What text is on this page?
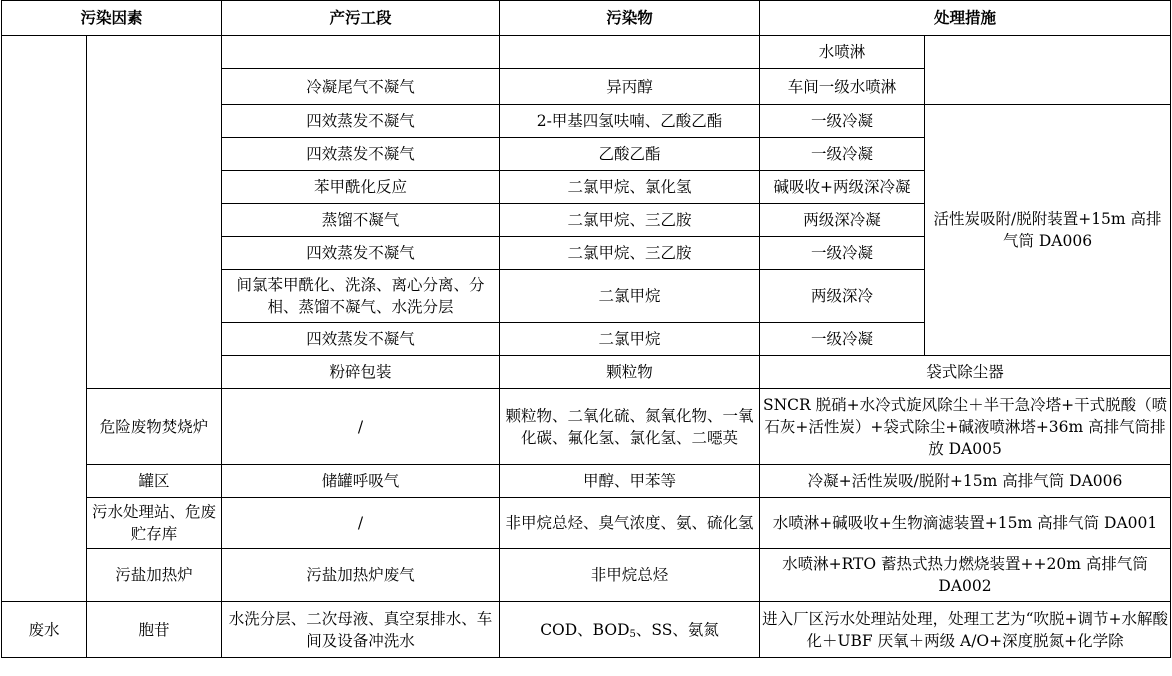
污染因素		产污工段	污染物	处理措施	
				水喷淋	
		冷凝尾气不凝气	异丙醇	车间一级水喷淋	
		四效蒸发不凝气	2-甲基四氢呋喃、乙酸乙酯	一级冷凝	活性炭吸附/脱附装置+15m 高排气筒 DA006
		四效蒸发不凝气	乙酸乙酯	一级冷凝	
		苯甲酰化反应	二氯甲烷、氯化氢	碱吸收+两级深冷凝	
		蒸馏不凝气	二氯甲烷、三乙胺	两级深冷凝	
		四效蒸发不凝气	二氯甲烷、三乙胺	一级冷凝	
		间氯苯甲酰化、洗涤、离心分离、分相、蒸馏不凝气、水洗分层	二氯甲烷	两级深冷	
		四效蒸发不凝气	二氯甲烷	一级冷凝	
		粉碎包装	颗粒物	袋式除尘器	
	危险废物焚烧炉	/	颗粒物、二氧化硫、氮氧化物、一氧化碳、氟化氢、氯化氢、二噁英	SNCR 脱硝+水冷式旋风除尘＋半干急冷塔+干式脱酸（喷石灰+活性炭）+袋式除尘+碱液喷淋塔+36m 高排气筒排放 DA005	
	罐区	储罐呼吸气	甲醇、甲苯等	冷凝+活性炭吸/脱附+15m 高排气筒 DA006	
	污水处理站、危废贮存库	/	非甲烷总烃、臭气浓度、氨、硫化氢	水喷淋+碱吸收+生物滴滤装置+15m 高排气筒 DA001	
	污盐加热炉	污盐加热炉废气	非甲烷总烃	水喷淋+RTO 蓄热式热力燃烧装置++20m 高排气筒 DA002	
废水	胞苷	水洗分层、二次母液、真空泵排水、车间及设备冲洗水	COD、$BOD_5$、SS、氨氮	进入厂区污水处理站处理，处理工艺为“吹脱+调节+水解酸化＋UBF 厌氧＋两级 A/O+深度脱氮+化学除	
